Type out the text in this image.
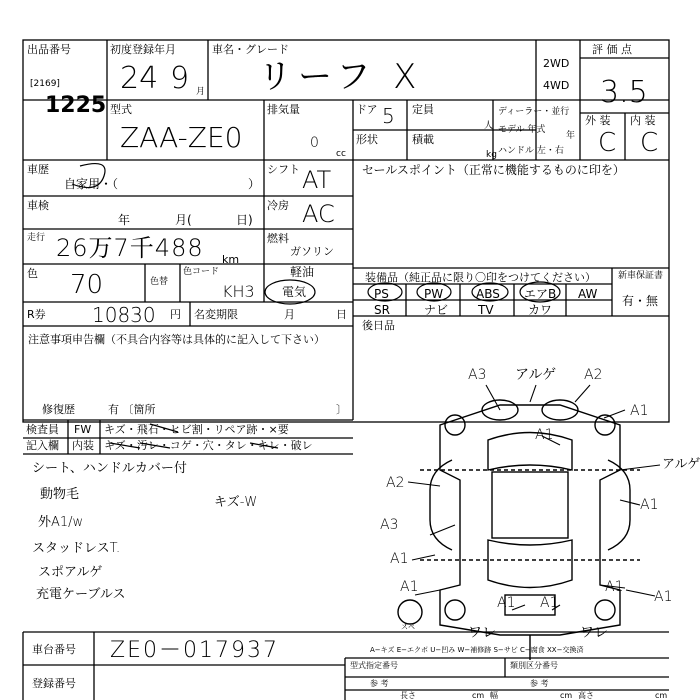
出品番号
[2169]
1225
初度登録年月
24 9 月
車名・グレード
リーフ X	2WD
4WD
評 価 点
3.5
外 装 内 装
C C
型式
ZAA-ZE0
排気量
0
cc
ドア 5
形状
定員
人
積載
kg
ディーラー・並行
モデル 年式
年
ハンドル 左・右
車歴
自家用・（	）
シフト AT	セールスポイント（正常に機能するものに印を）
車検
年	月(	日)
冷房 AC
走行 26万7千488 km
燃料
ガソリン
軽油
電気
色 70	色替
色コード
KH3
装備品（純正品に限り〇印をつけてください）
PS	PW	ABS エアB AW
SR	ナビ TV	カワ
新車保証書
有・無
R券 10830 円 名変期限	月	日
後日品
注意事項申告欄（不具合内容等は具体的に記入して下さい）
修復歴	有 〔箇所	〕
検査員
記入欄
FW キズ・飛石・ヒビ割・リペア跡・×要
内装 キズ・汚レ・コゲ・穴・タレ・キレ・破レ
シート、ハンドルカバー付
動物毛
外A1/w
スタッドレスT.
スポアルゲ
充電ケーブルス
キズ-W
A3 アルゲ A2
A1
A1
アルゲ
A2
A1
A3
A1
A1	A1
A1 A1	A1
ワレ	ワレ
スペ
A−キズ E−エクボ U−凹み W−補修跡 S−サビ C−腐食 XX−交換済
車台番号 ZE0－017937
登録番号
型式指定番号	類別区分番号
参 考	参 考
長さ	cm 幅	cm 高さ	cm
